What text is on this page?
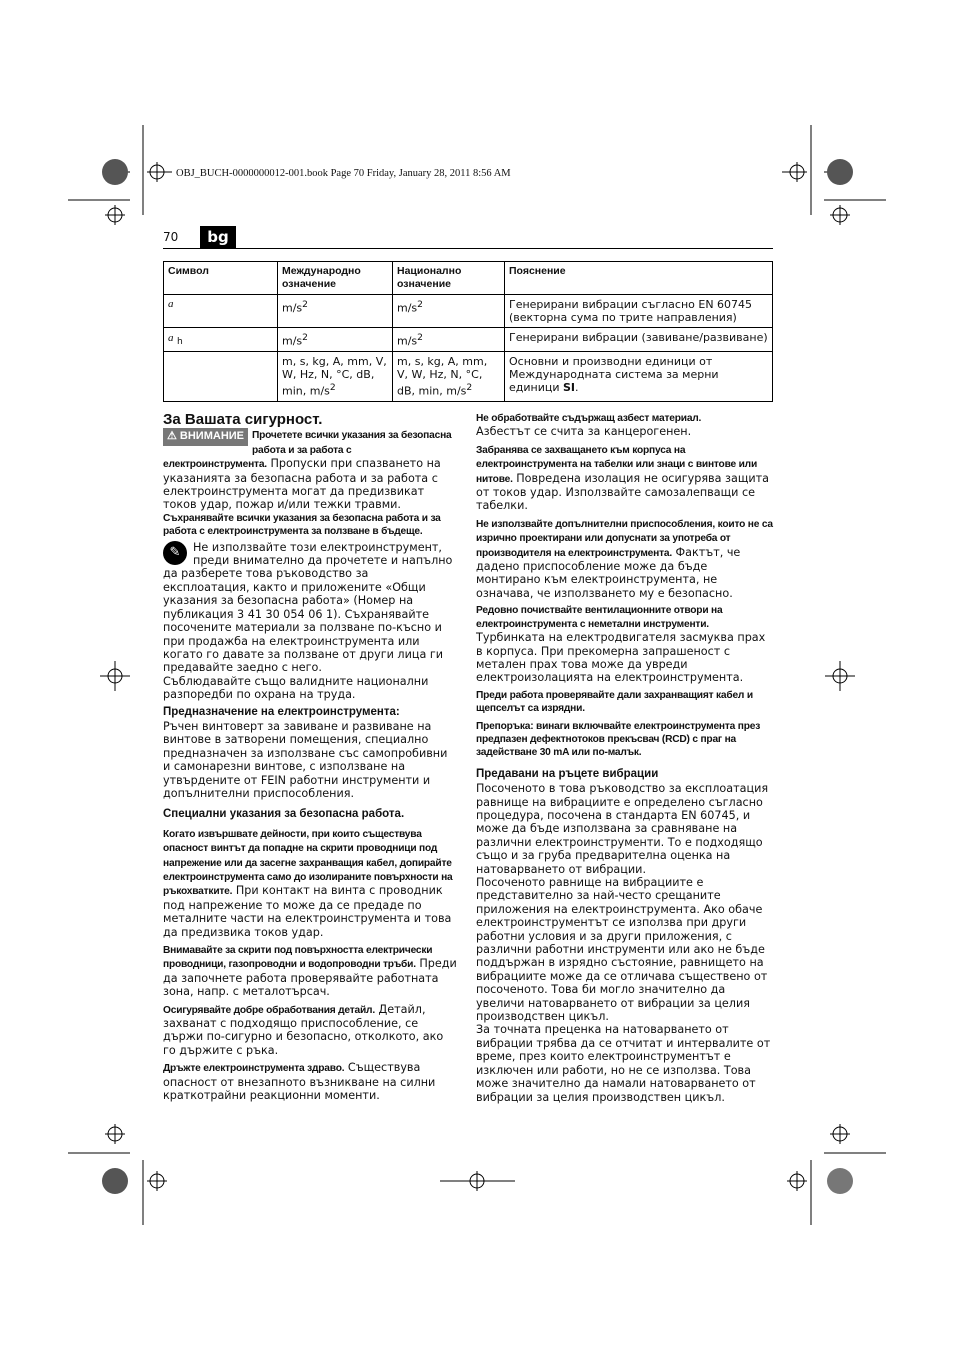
OBJ_BUCH-0000000012-001.book Page 70 Friday, January 28, 2011 8:56 AM
70	bg
Символ	Международно означение	Национално означение	Пояснение
a	$m/s^2$	$m/s^2$	Генерирани вибрации съгласно EN 60745 (векторна сума по трите направления)
a $_h$	$m/s^2$	$m/s^2$	Генерирани вибрации (завиване/развиване)
	m, s, kg, A, mm, V, W, Hz, N, °C, dB, min, $m/s^2$	m, s, kg, A, mm, V, W, Hz, N, °C, dB, min, $m/s^2$	Основни и производни единици от Международната система за мерни единици SI.
За Вашата сигурност.

⚠ ВНИМАНИЕ Прочетете всички указания за безопасна работа и за работа с електроинструмента. Пропуски при спазването на указанията за безопасна работа и за работа с електроинструмента могат да предизвикат токов удар, пожар и/или тежки травми.

Съхранявайте всички указания за безопасна работа и за работа с електроинструмента за ползване в бъдеще.

✎	Не използвайте този електроинструмент, преди внимателно да прочетете и напълно да разберете това ръководство за експлоатация, както и приложените «Общи указания за безопасна работа» (Номер на публикация 3 41 30 054 06 1). Съхранявайте посочените материали за ползване по-късно и при продажба на електроинструмента или когато го давате за ползване от други лица ги предавайте заедно с него.

Съблюдавайте също валидните национални разпоредби по охрана на труда.

Предназначение на електроинструмента:

Ръчен винтоверт за завиване и развиване на винтове в затворени помещения, специално предназначен за използване със самопробивни и самонарезни винтове, с използване на утвърдените от FEIN работни инструменти и допълнителни приспособления.

Специални указания за безопасна работа.

Когато извършвате дейности, при които съществува опасност винтът да попадне на скрити проводници под напрежение или да засегне захранващия кабел, допирайте електроинструмента само до изолираните повърхности на ръкохватките. При контакт на винта с проводник под напрежение то може да се предаде по металните части на електроинструмента и това да предизвика токов удар.

Внимавайте за скрити под повърхността електрически проводници, газопроводни и водопроводни тръби. Преди да започнете работа проверявайте работната зона, напр. с металотърсач.

Осигурявайте добре обработвания детайл. Детайл, захванат с подходящо приспособление, се държи по-сигурно и безопасно, отколкото, ако го държите с ръка.

Дръжте електроинструмента здраво. Съществува опасност от внезапното възникване на силни краткотрайни реакционни моменти.

Не обработвайте съдържащ азбест материал.

Азбестът се счита за канцерогенен.

Забранява се захващането към корпуса на електроинструмента на табелки или знаци с винтове или нитове. Повредена изолация не осигурява защита от токов удар. Използвайте самозалепващи се табелки.

Не използвайте допълнителни приспособления, които не са изрично проектирани или допуснати за употреба от производителя на електроинструмента. Фактът, че дадено приспособление може да бъде монтирано към електроинструмента, не означава, че използването му е безопасно.

Редовно почиствайте вентилационните отвори на електроинструмента с неметални инструменти.

Турбинката на електродвигателя засмуква прах в корпуса. При прекомерна запрашеност с метален прах това може да увреди електроизолацията на електроинструмента.

Преди работа проверявайте дали захранващият кабел и щепселът са изрядни.

Препоръка: винаги включвайте електроинструмента през предпазен дефектнотоков прекъсвач (RCD) с праг на задействане 30 mA или по-малък.

Предавани на ръцете вибрации

Посоченото в това ръководство за експлоатация равнище на вибрациите е определено съгласно процедура, посочена в стандарта EN 60745, и може да бъде използвана за сравняване на различни електроинструменти. То е подходящо също и за груба предварителна оценка на натоварването от вибрации.

Посоченото равнище на вибрациите е представително за най-често срещаните приложения на електроинструмента. Ако обаче електроинструментът се използва при други работни условия и за други приложения, с различни работни инструменти или ако не бъде поддържан в изрядно състояние, равнището на вибрациите може да се отличава съществено от посоченото. Това би могло значително да увеличи натоварването от вибрации за целия производствен цикъл.

За точната преценка на натоварването от вибрации трябва да се отчитат и интервалите от време, през които електроинструментът е изключен или работи, но не се използва. Това може значително да намали натоварването от вибрации за целия производствен цикъл.
